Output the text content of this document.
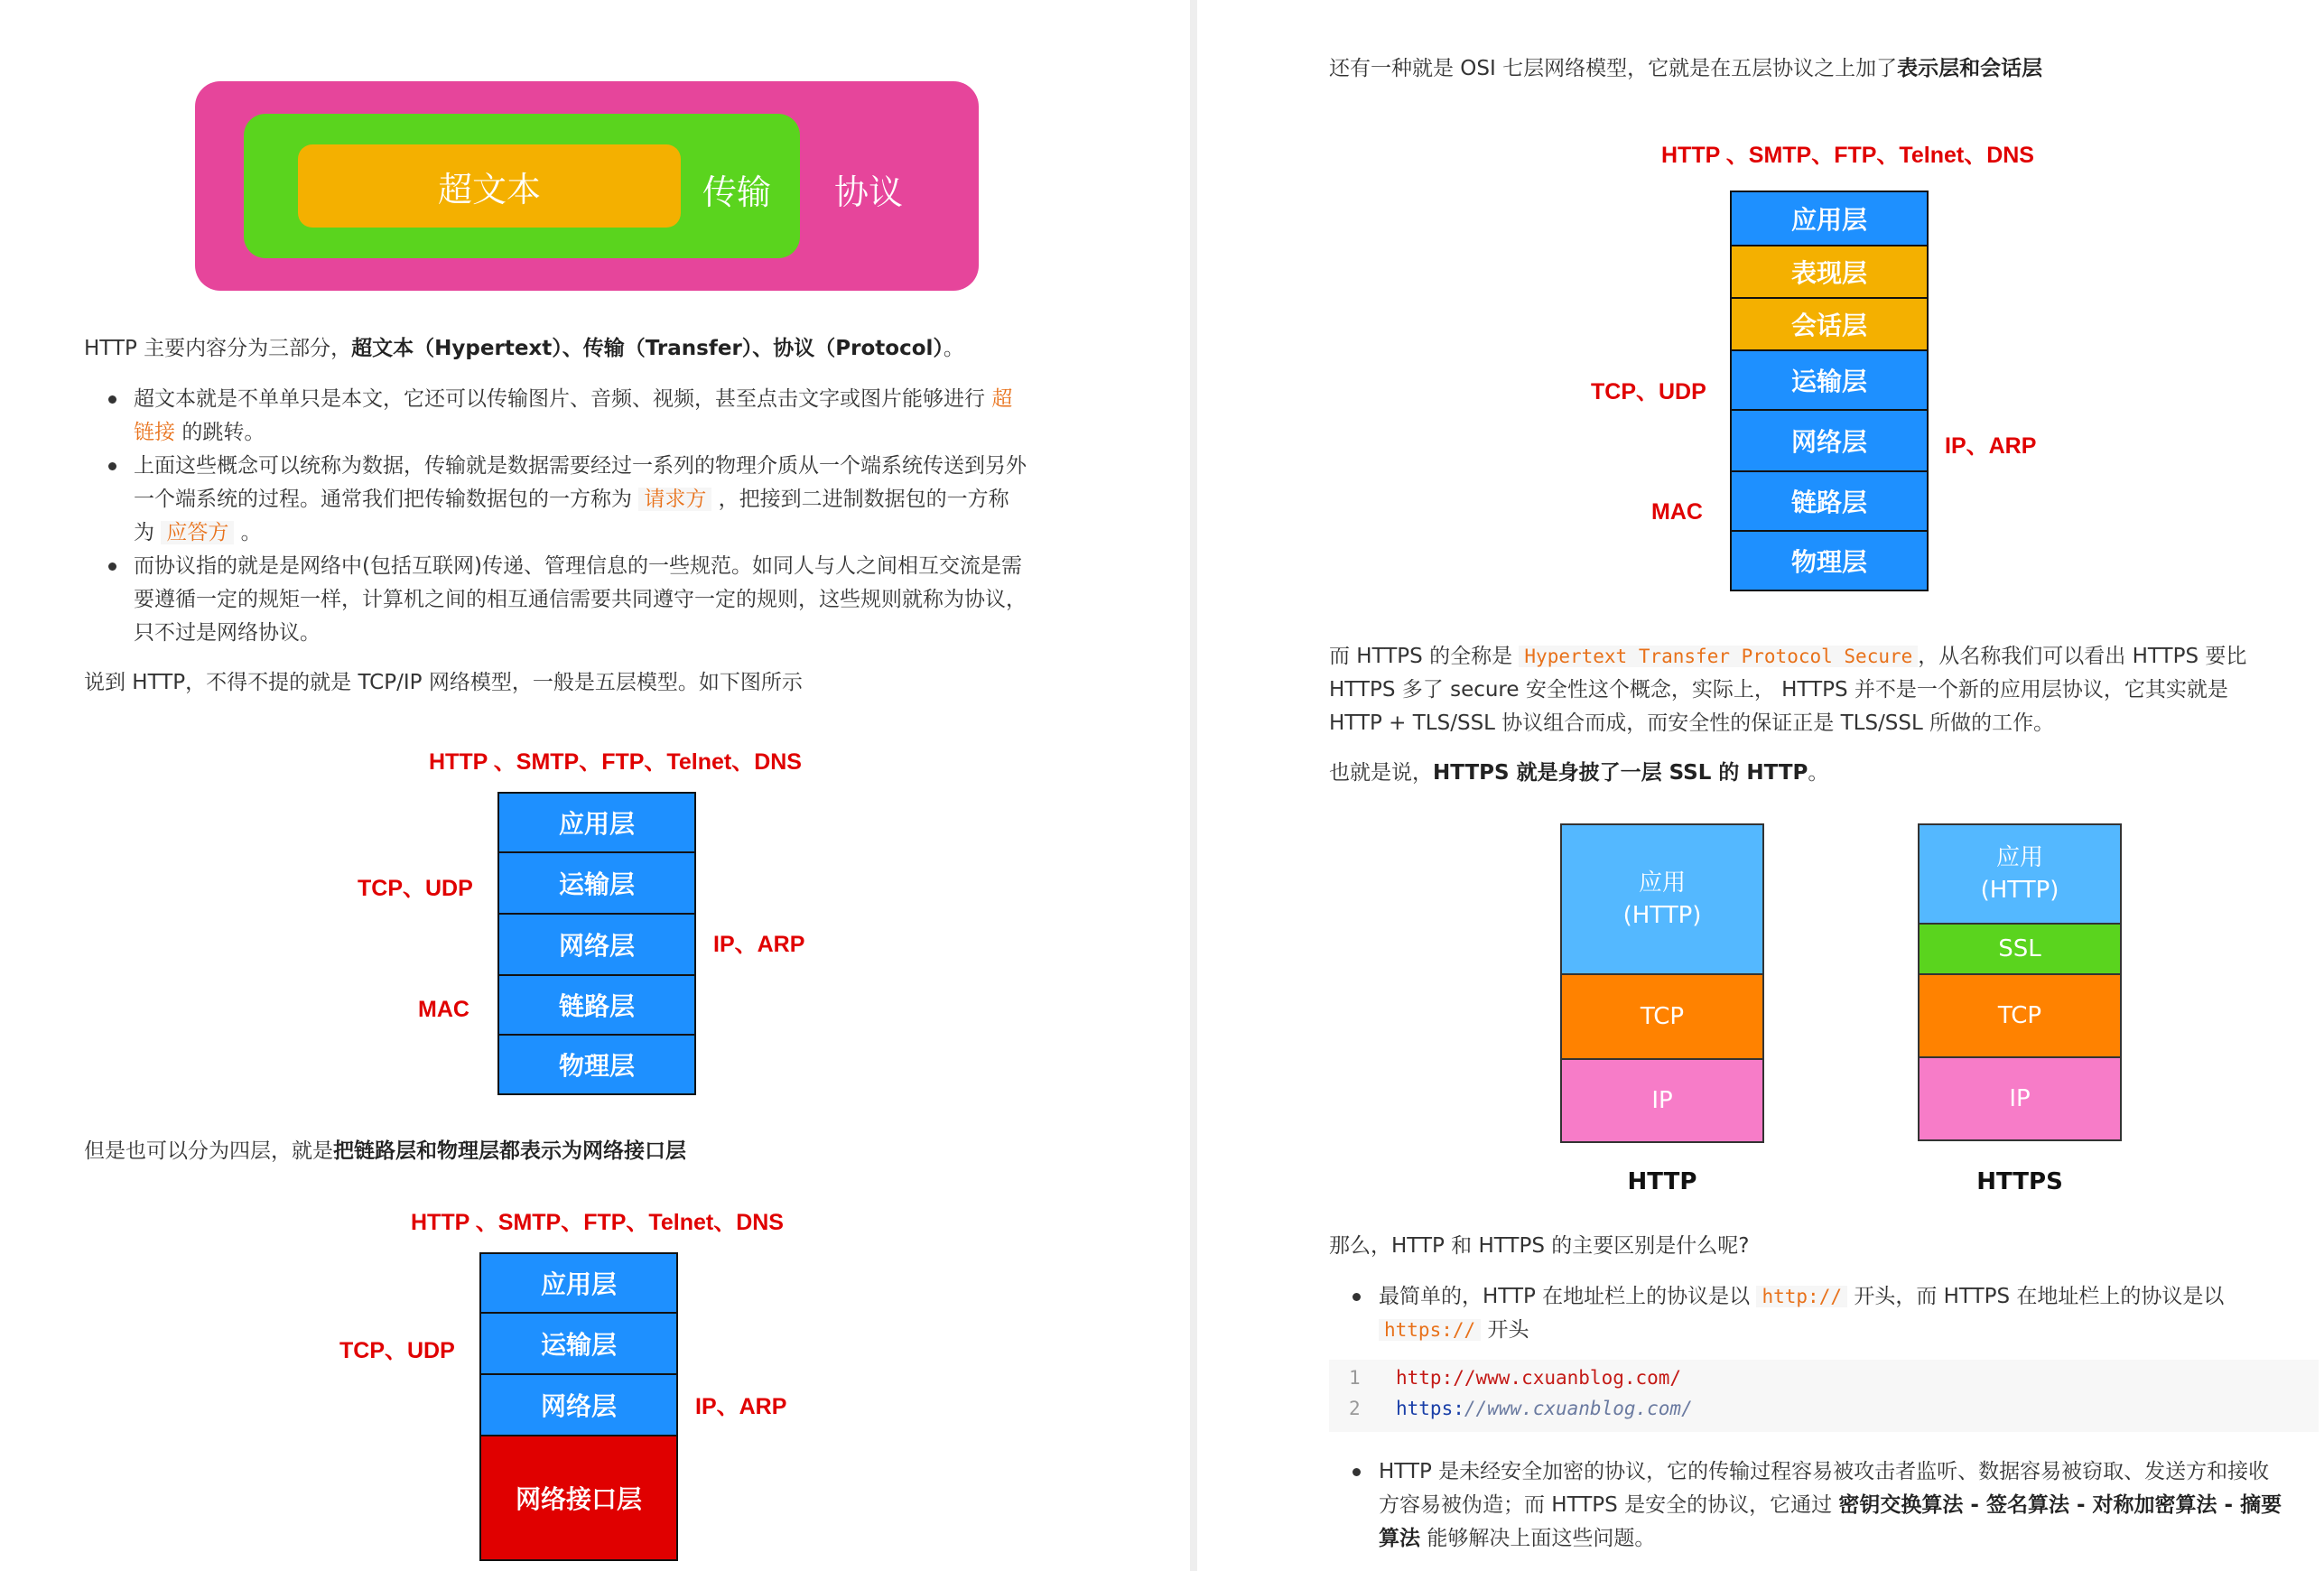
超文本	传输 协议
HTTP 主要内容分为三部分，超文本（Hypertext）、传输（Transfer）、协议（Protocol）。
超文本就是不单单只是本文，它还可以传输图片、音频、视频，甚至点击文字或图片能够进行 超
链接 的跳转。
上面这些概念可以统称为数据，传输就是数据需要经过一系列的物理介质从一个端系统传送到另外
一个端系统的过程。通常我们把传输数据包的一方称为 请求方 ，把接到二进制数据包的一方称
为 应答方 。
而协议指的就是是网络中(包括互联网)传递、管理信息的一些规范。如同人与人之间相互交流是需
要遵循一定的规矩一样，计算机之间的相互通信需要共同遵守一定的规则，这些规则就称为协议，
只不过是网络协议。
说到 HTTP，不得不提的就是 TCP/IP 网络模型，一般是五层模型。如下图所示
HTTP 、SMTP、FTP、Telnet、DNS
TCP、UDP
IP、ARP
MAC
应用层
运输层
网络层
链路层
物理层
但是也可以分为四层，就是把链路层和物理层都表示为网络接口层
HTTP 、SMTP、FTP、Telnet、DNS
TCP、UDP
IP、ARP
应用层
运输层
网络层
网络接口层
还有一种就是 OSI 七层网络模型，它就是在五层协议之上加了表示层和会话层
HTTP 、SMTP、FTP、Telnet、DNS
TCP、UDP
IP、ARP
MAC
应用层
表现层
会话层
运输层
网络层
链路层
物理层
而 HTTPS 的全称是 Hypertext Transfer Protocol Secure ，从名称我们可以看出 HTTPS 要比
HTTPS 多了 secure 安全性这个概念，实际上， HTTPS 并不是一个新的应用层协议，它其实就是
HTTP + TLS/SSL 协议组合而成，而安全性的保证正是 TLS/SSL 所做的工作。
也就是说，HTTPS 就是身披了一层 SSL 的 HTTP。
应用
(HTTP)
TCP
IP
HTTP
应用
(HTTP)
SSL
TCP
IP
HTTPS
那么，HTTP 和 HTTPS 的主要区别是什么呢?
最简单的，HTTP 在地址栏上的协议是以 http:// 开头，而 HTTPS 在地址栏上的协议是以
https:// 开头
1
2
http://www.cxuanblog.com/
https://www.cxuanblog.com/
HTTP 是未经安全加密的协议，它的传输过程容易被攻击者监听、数据容易被窃取、发送方和接收
方容易被伪造；而 HTTPS 是安全的协议，它通过 密钥交换算法 - 签名算法 - 对称加密算法 - 摘要
算法 能够解决上面这些问题。
